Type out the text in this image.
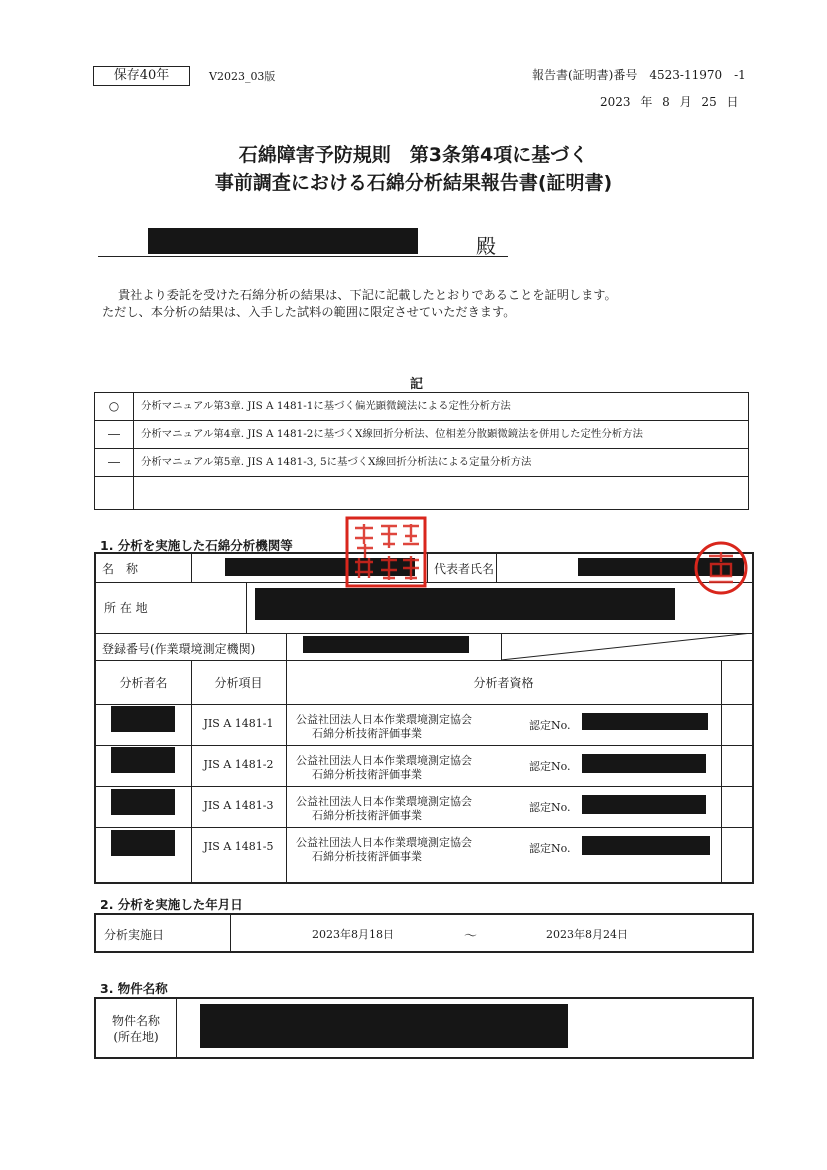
保存40年	V2023_03版	報告書(証明書)番号　4523-11970　-1
2023 年 8 月 25 日
石綿障害予防規則　第3条第4項に基づく
事前調査における石綿分析結果報告書(証明書)
殿
貴社より委託を受けた石綿分析の結果は、下記に記載したとおりであることを証明します。
ただし、本分析の結果は、入手した試料の範囲に限定させていただきます。
記
○	分析マニュアル第3章. JIS A 1481-1に基づく偏光顕微鏡法による定性分析方法
―	分析マニュアル第4章. JIS A 1481-2に基づくX線回折分析法、位相差分散顕微鏡法を併用した定性分析方法
―	分析マニュアル第5章. JIS A 1481-3, 5に基づくX線回折分析法による定量分析方法
1. 分析を実施した石綿分析機関等
名　称	代表者氏名
所 在 地
登録番号(作業環境測定機関)
分析者名	分析項目	分析者資格
JIS A 1481-1	公益社団法人日本作業環境測定協会
石綿分析技術評価事業
認定No.
JIS A 1481-2	公益社団法人日本作業環境測定協会
石綿分析技術評価事業
認定No.
JIS A 1481-3	公益社団法人日本作業環境測定協会
石綿分析技術評価事業
認定No.
JIS A 1481-5	公益社団法人日本作業環境測定協会
石綿分析技術評価事業
認定No.
2. 分析を実施した年月日
分析実施日	2023年8月18日	～	2023年8月24日
3. 物件名称
物件名称
(所在地)
